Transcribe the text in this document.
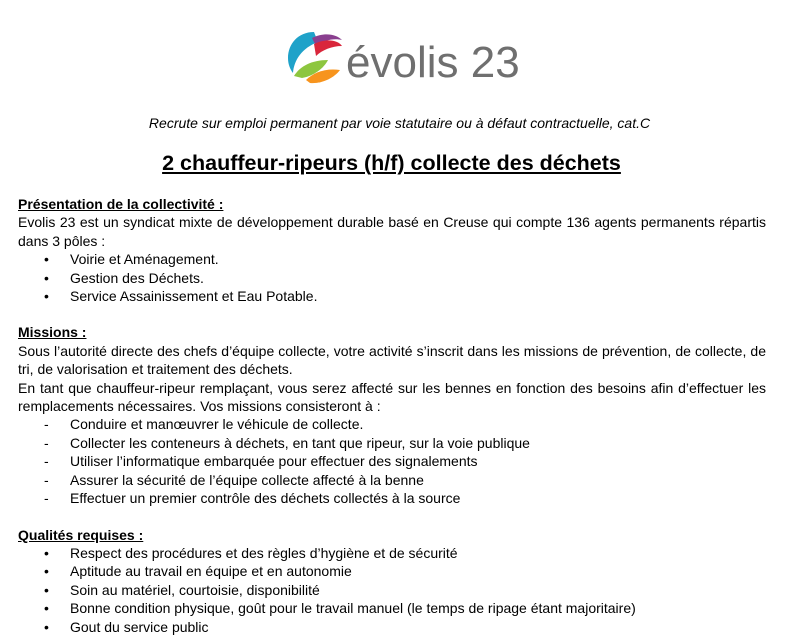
évolis 23
Recrute sur emploi permanent par voie statutaire ou à défaut contractuelle, cat.C
2 chauffeur-ripeurs (h/f) collecte des déchets
Présentation de la collectivité :
Evolis 23 est un syndicat mixte de développement durable basé en Creuse qui compte 136 agents permanents répartis dans 3 pôles :
• Voirie et Aménagement.
• Gestion des Déchets.
• Service Assainissement et Eau Potable.
Missions :
Sous l’autorité directe des chefs d’équipe collecte, votre activité s’inscrit dans les missions de prévention, de collecte, de tri, de valorisation et traitement des déchets.
En tant que chauffeur-ripeur remplaçant, vous serez affecté sur les bennes en fonction des besoins afin d’effectuer les remplacements nécessaires. Vos missions consisteront à :
- Conduire et manœuvrer le véhicule de collecte.
- Collecter les conteneurs à déchets, en tant que ripeur, sur la voie publique
- Utiliser l’informatique embarquée pour effectuer des signalements
- Assurer la sécurité de l’équipe collecte affecté à la benne
- Effectuer un premier contrôle des déchets collectés à la source
Qualités requises :
• Respect des procédures et des règles d’hygiène et de sécurité
• Aptitude au travail en équipe et en autonomie
• Soin au matériel, courtoisie, disponibilité
• Bonne condition physique, goût pour le travail manuel (le temps de ripage étant majoritaire)
• Gout du service public
